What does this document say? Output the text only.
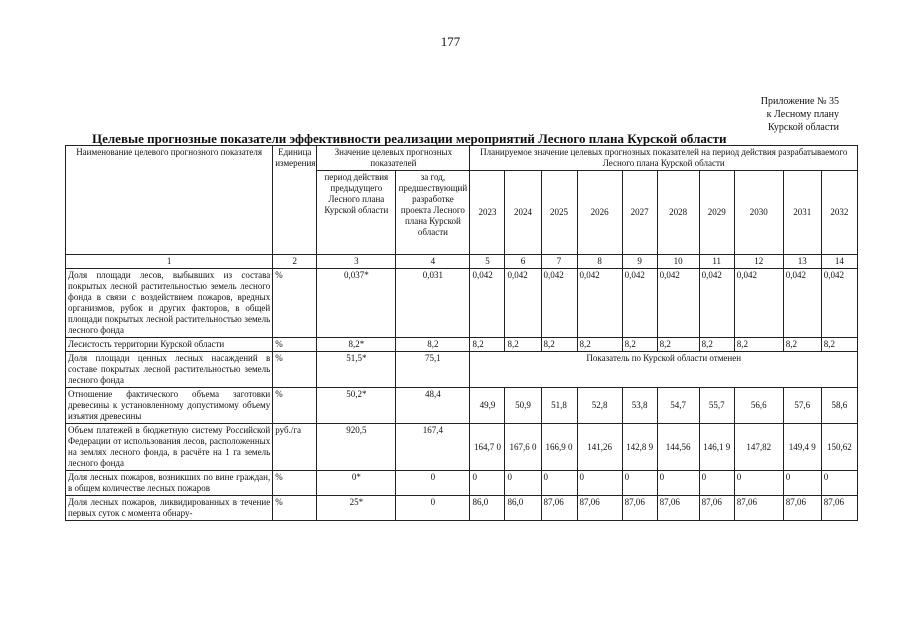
177
Приложение № 35
к Лесному плану
Курской области
Целевые прогнозные показатели эффективности реализации мероприятий Лесного плана Курской области
Наименование целевого прогнозного показателя	Единица измерения	Значение целевых прогнозных показателей		Планируемое значение целевых прогнозных показателей на период действия разрабатываемого Лесного плана Курской области									
		период действия предыдущего Лесного плана Курской области	за год, предшествующий разработке проекта Лесного плана Курской области	2023	2024	2025	2026	2027	2028	2029	2030	2031	2032
1	2	3	4	5	6	7	8	9	10	11	12	13	14
Доля площади лесов, выбывших из состава покрытых лесной растительностью земель лесного фонда в связи с воздействием пожаров, вредных организмов, рубок и других факторов, в общей площади покрытых лесной растительностью земель лесного фонда	%	0,037*	0,031	0,042	0,042	0,042	0,042	0,042	0,042	0,042	0,042	0,042	0,042
Лесистость территории Курской области	%	8,2*	8,2	8,2	8,2	8,2	8,2	8,2	8,2	8,2	8,2	8,2	8,2
Доля площади ценных лесных насаждений в составе покрытых лесной растительностью земель лесного фонда	%	51,5*	75,1	Показатель по Курской области отменен									
Отношение фактического объема заготовки древесины к установленному допустимому объему изъятия древесины	%	50,2*	48,4	49,9	50,9	51,8	52,8	53,8	54,7	55,7	56,6	57,6	58,6
Объем платежей в бюджетную систему Российской Федерации от использования лесов, расположенных на землях лесного фонда, в расчёте на 1 га земель лесного фонда	руб./га	920,5	167,4	164,7 0	167,6 0	166,9 0	141,26	142,8 9	144,56	146,1 9	147,82	149,4 9	150,62
Доля лесных пожаров, возникших по вине граждан, в общем количестве лесных пожаров	%	0*	0	0	0	0	0	0	0	0	0	0	0
Доля лесных пожаров, ликвидированных в течение первых суток с момента обнару-	%	25*	0	86,0	86,0	87,06	87,06	87,06	87,06	87,06	87,06	87,06	87,06
